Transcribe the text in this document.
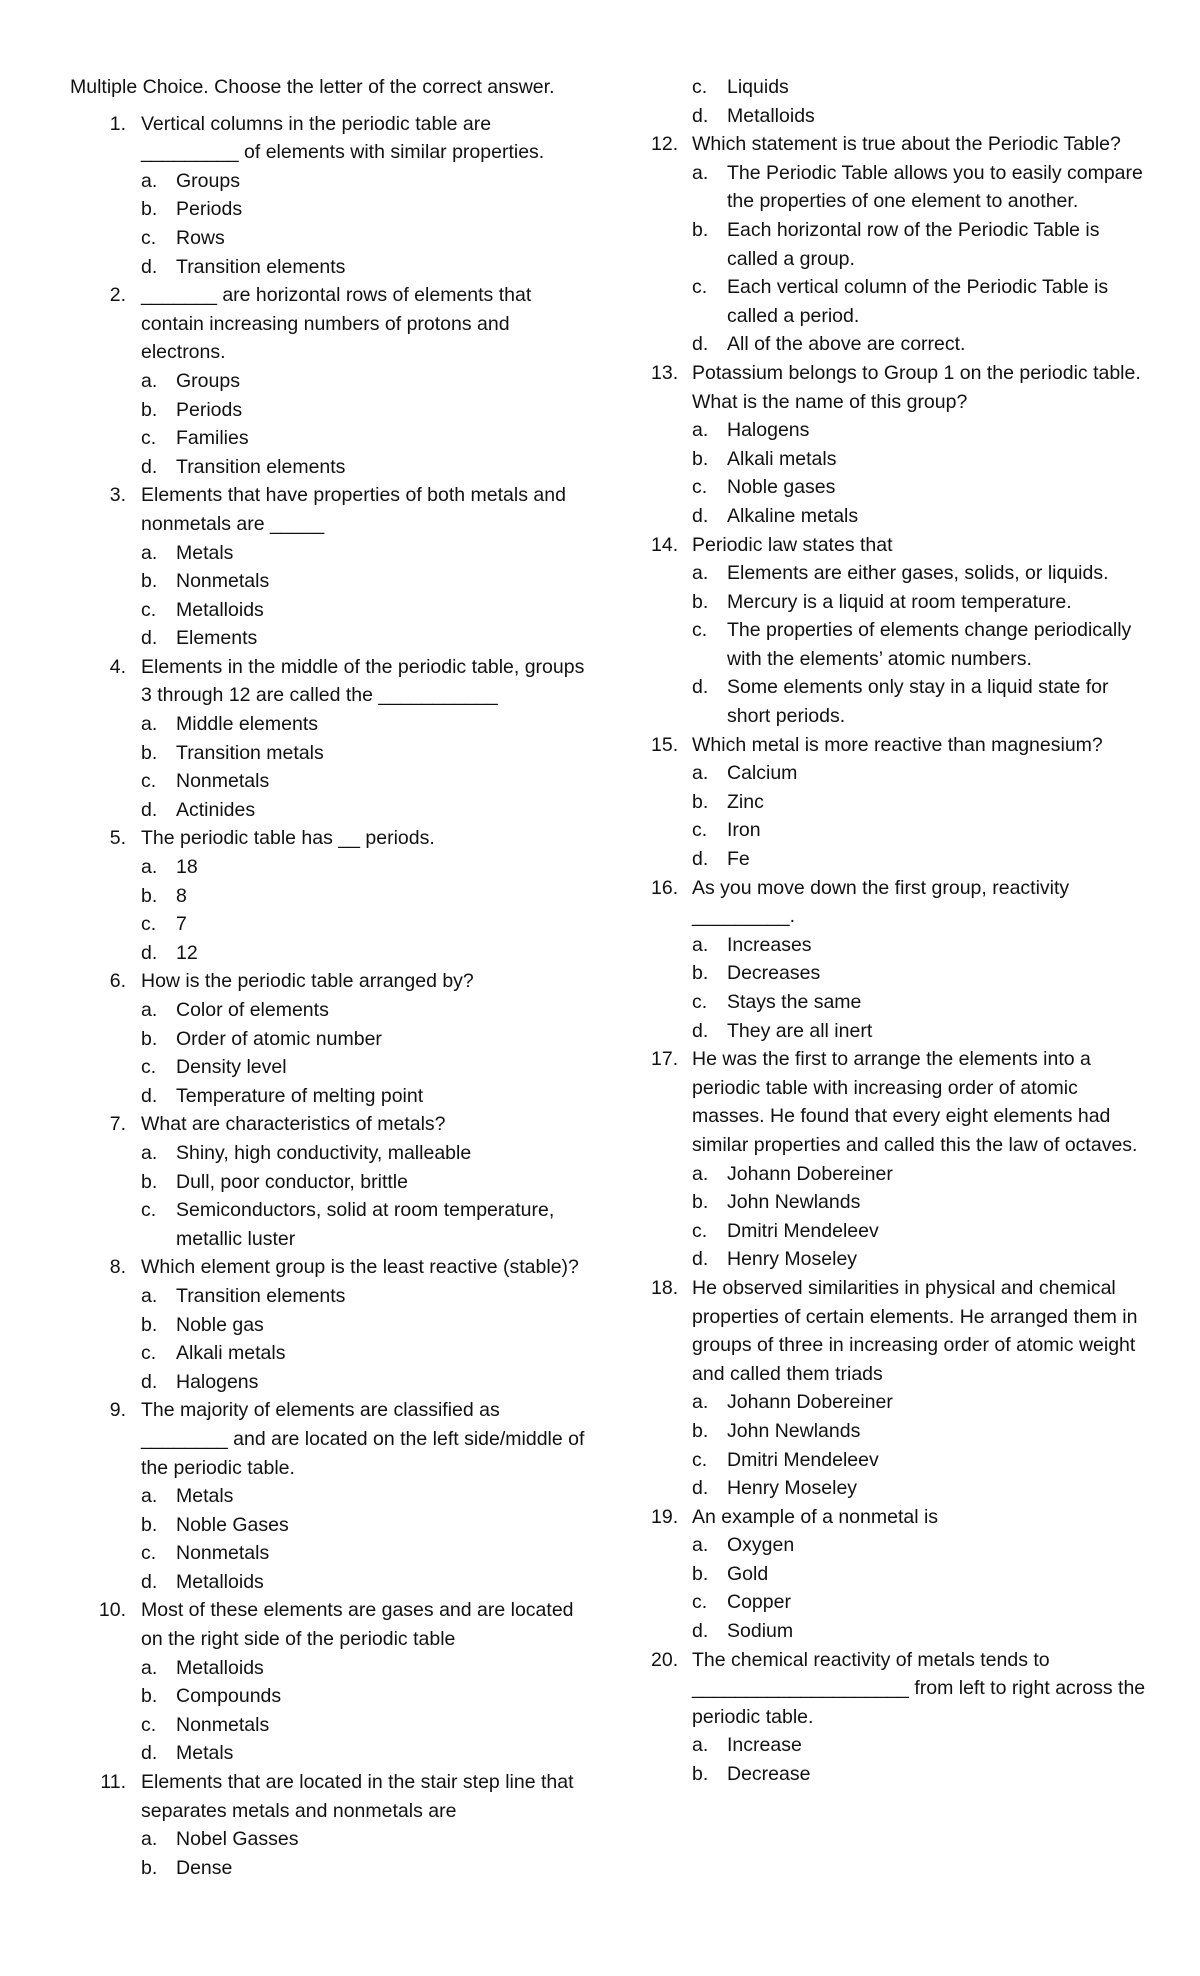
Multiple Choice. Choose the letter of the correct answer.
1. Vertical columns in the periodic table are _________ of elements with similar properties.
a. Groups
b. Periods
c. Rows
d. Transition elements
2. _______ are horizontal rows of elements that contain increasing numbers of protons and electrons.
a. Groups
b. Periods
c. Families
d. Transition elements
3. Elements that have properties of both metals and nonmetals are _____
a. Metals
b. Nonmetals
c. Metalloids
d. Elements
4. Elements in the middle of the periodic table, groups 3 through 12 are called the ___________
a. Middle elements
b. Transition metals
c. Nonmetals
d. Actinides
5. The periodic table has __ periods.
a. 18
b. 8
c. 7
d. 12
6. How is the periodic table arranged by?
a. Color of elements
b. Order of atomic number
c. Density level
d. Temperature of melting point
7. What are characteristics of metals?
a. Shiny, high conductivity, malleable
b. Dull, poor conductor, brittle
c. Semiconductors, solid at room temperature, metallic luster
8. Which element group is the least reactive (stable)?
a. Transition elements
b. Noble gas
c. Alkali metals
d. Halogens
9. The majority of elements are classified as ________ and are located on the left side/middle of the periodic table.
a. Metals
b. Noble Gases
c. Nonmetals
d. Metalloids
10. Most of these elements are gases and are located on the right side of the periodic table
a. Metalloids
b. Compounds
c. Nonmetals
d. Metals
11. Elements that are located in the stair step line that separates metals and nonmetals are
a. Nobel Gasses
b. Dense
c. Liquids
d. Metalloids
12. Which statement is true about the Periodic Table?
a. The Periodic Table allows you to easily compare the properties of one element to another.
b. Each horizontal row of the Periodic Table is called a group.
c. Each vertical column of the Periodic Table is called a period.
d. All of the above are correct.
13. Potassium belongs to Group 1 on the periodic table. What is the name of this group?
a. Halogens
b. Alkali metals
c. Noble gases
d. Alkaline metals
14. Periodic law states that
a. Elements are either gases, solids, or liquids.
b. Mercury is a liquid at room temperature.
c. The properties of elements change periodically with the elements’ atomic numbers.
d. Some elements only stay in a liquid state for short periods.
15. Which metal is more reactive than magnesium?
a. Calcium
b. Zinc
c. Iron
d. Fe
16. As you move down the first group, reactivity _________.
a. Increases
b. Decreases
c. Stays the same
d. They are all inert
17. He was the first to arrange the elements into a periodic table with increasing order of atomic masses. He found that every eight elements had similar properties and called this the law of octaves.
a. Johann Dobereiner
b. John Newlands
c. Dmitri Mendeleev
d. Henry Moseley
18. He observed similarities in physical and chemical properties of certain elements. He arranged them in groups of three in increasing order of atomic weight and called them triads
a. Johann Dobereiner
b. John Newlands
c. Dmitri Mendeleev
d. Henry Moseley
19. An example of a nonmetal is
a. Oxygen
b. Gold
c. Copper
d. Sodium
20. The chemical reactivity of metals tends to ____________________ from left to right across the periodic table.
a. Increase
b. Decrease
